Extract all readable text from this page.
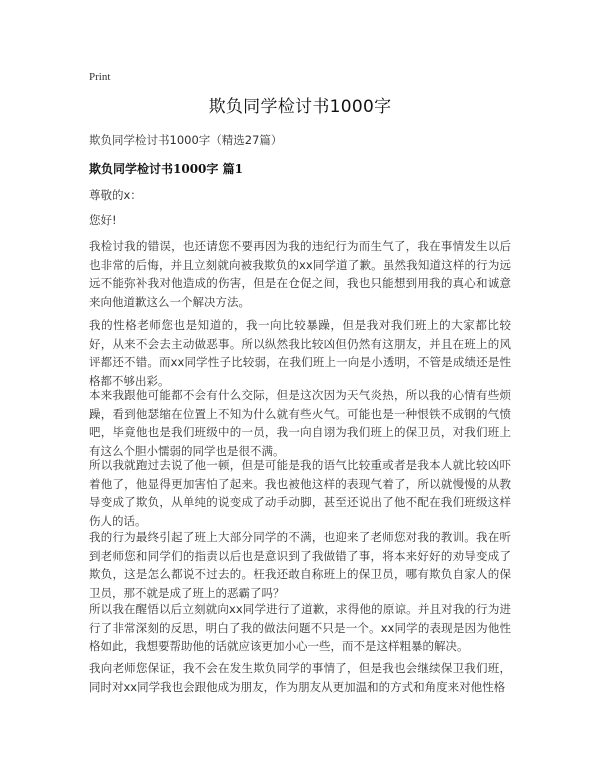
Print
欺负同学检讨书1000字
欺负同学检讨书1000字（精选27篇）
欺负同学检讨书1000字 篇1
尊敬的x：
您好!
我检讨我的错误，也还请您不要再因为我的违纪行为而生气了，我在事情发生以后也非常的后悔，并且立刻就向被我欺负的xx同学道了歉。虽然我知道这样的行为远远不能弥补我对他造成的伤害，但是在仓促之间，我也只能想到用我的真心和诚意来向他道歉这么一个解决方法。
我的性格老师您也是知道的，我一向比较暴躁，但是我对我们班上的大家都比较好，从来不会去主动做恶事。所以纵然我比较凶但仍然有这朋友，并且在班上的风评都还不错。而xx同学性子比较弱，在我们班上一向是小透明，不管是成绩还是性格都不够出彩。
本来我跟他可能都不会有什么交际，但是这次因为天气炎热，所以我的心情有些烦躁，看到他瑟缩在位置上不知为什么就有些火气。可能也是一种恨铁不成钢的气愤吧，毕竟他也是我们班级中的一员，我一向自诩为我们班上的保卫员，对我们班上有这么个胆小懦弱的同学也是很不满。
所以我就跑过去说了他一顿，但是可能是我的语气比较重或者是我本人就比较凶吓着他了，他显得更加害怕了起来。我也被他这样的表现气着了，所以就慢慢的从教导变成了欺负，从单纯的说变成了动手动脚，甚至还说出了他不配在我们班级这样伤人的话。
我的行为最终引起了班上大部分同学的不满，也迎来了老师您对我的教训。我在听到老师您和同学们的指责以后也是意识到了我做错了事，将本来好好的劝导变成了欺负，这是怎么都说不过去的。枉我还敢自称班上的保卫员，哪有欺负自家人的保卫员，那不就是成了班上的恶霸了吗？
所以我在醒悟以后立刻就向xx同学进行了道歉，求得他的原谅。并且对我的行为进行了非常深刻的反思，明白了我的做法问题不只是一个。xx同学的表现是因为他性格如此，我想要帮助他的话就应该更加小心一些，而不是这样粗暴的解决。
我向老师您保证，我不会在发生欺负同学的事情了，但是我也会继续保卫我们班，同时对xx同学我也会跟他成为朋友，作为朋友从更加温和的方式和角度来对他性格
